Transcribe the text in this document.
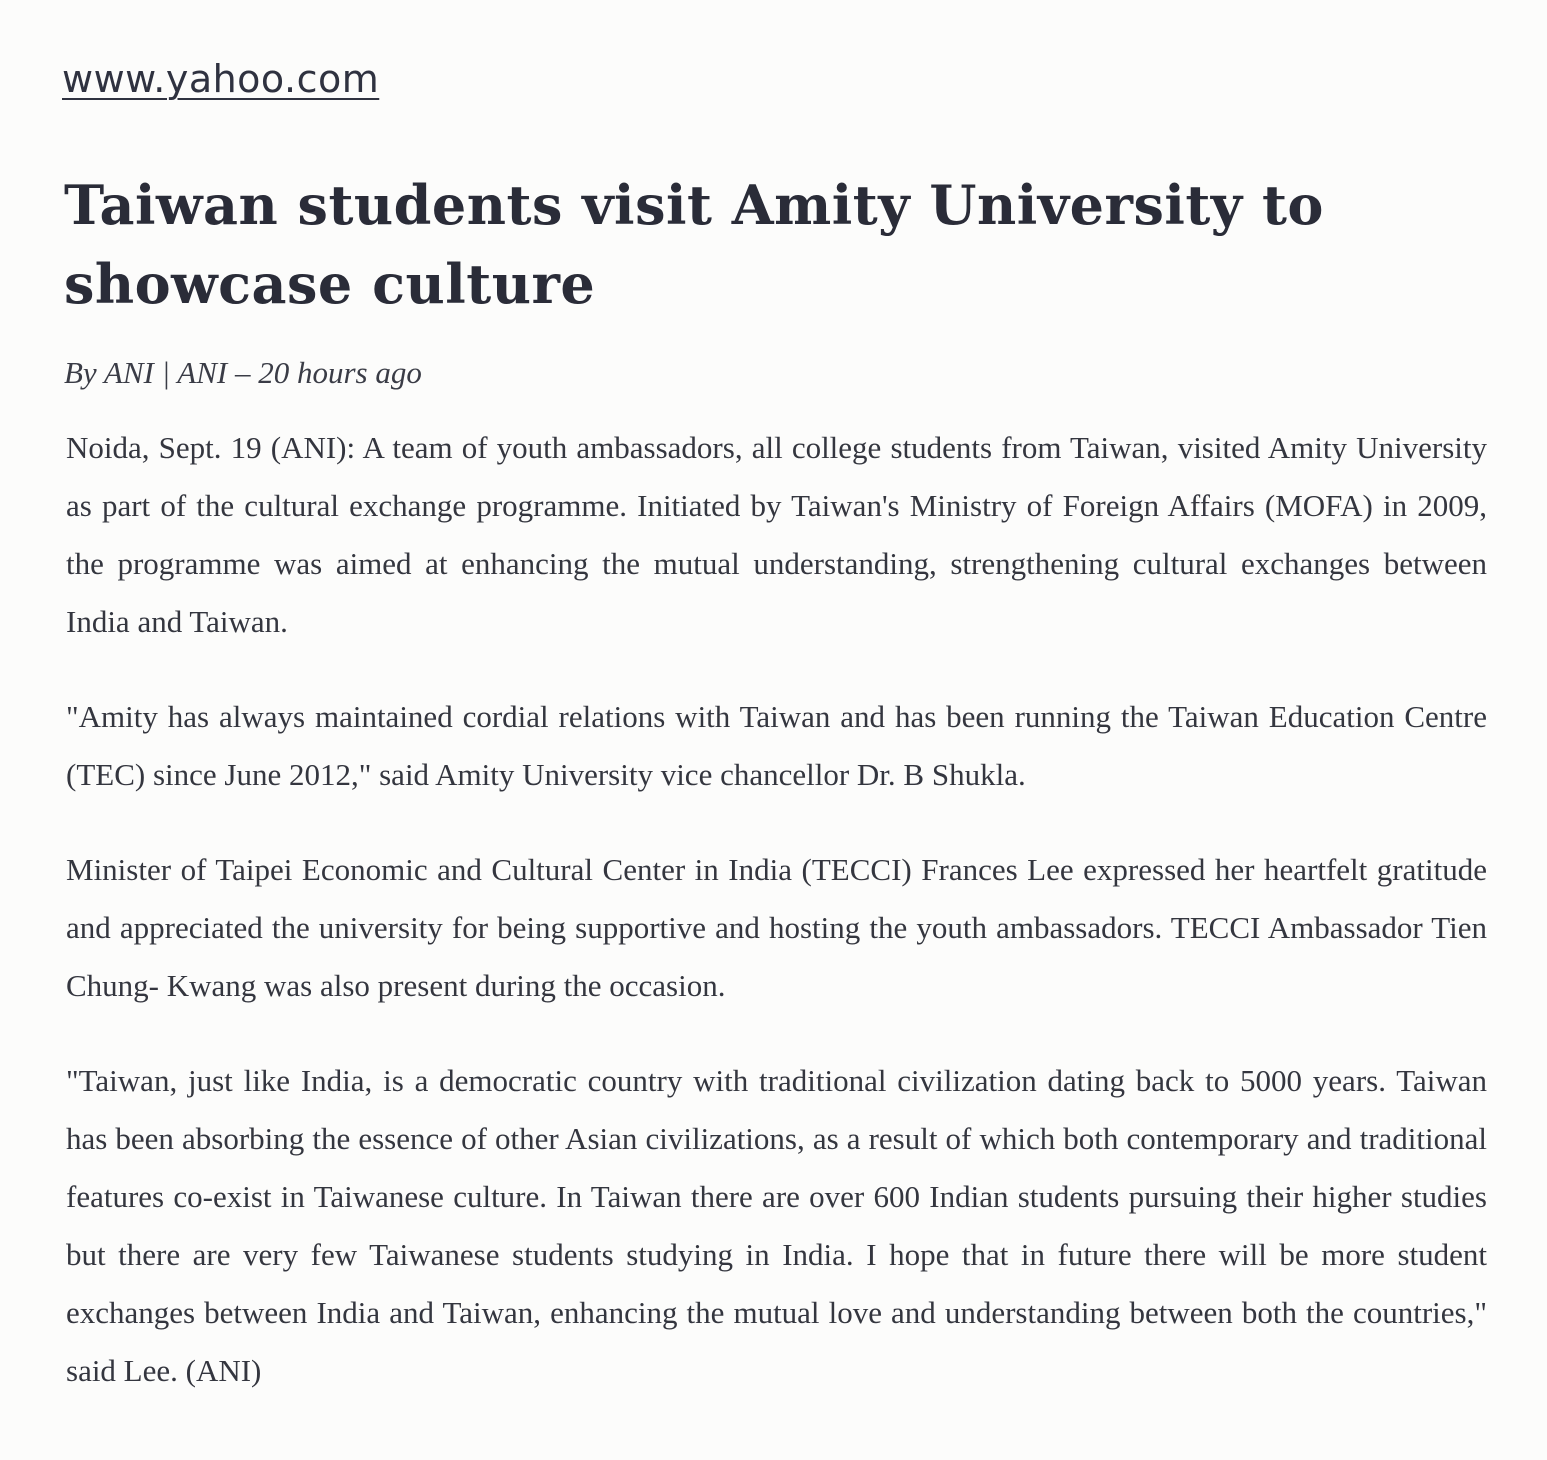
www.yahoo.com
Taiwan students visit Amity University to showcase culture
By ANI | ANI – 20 hours ago

Noida, Sept. 19 (ANI): A team of youth ambassadors, all college students from Taiwan, visited Amity University as part of the cultural exchange programme. Initiated by Taiwan's Ministry of Foreign Affairs (MOFA) in 2009, the programme was aimed at enhancing the mutual understanding, strengthening cultural exchanges between India and Taiwan.

"Amity has always maintained cordial relations with Taiwan and has been running the Taiwan Education Centre (TEC) since June 2012," said Amity University vice chancellor Dr. B Shukla.

Minister of Taipei Economic and Cultural Center in India (TECCI) Frances Lee expressed her heartfelt gratitude and appreciated the university for being supportive and hosting the youth ambassadors. TECCI Ambassador Tien Chung- Kwang was also present during the occasion.

"Taiwan, just like India, is a democratic country with traditional civilization dating back to 5000 years. Taiwan has been absorbing the essence of other Asian civilizations, as a result of which both contemporary and traditional features co-exist in Taiwanese culture. In Taiwan there are over 600 Indian students pursuing their higher studies but there are very few Taiwanese students studying in India. I hope that in future there will be more student exchanges between India and Taiwan, enhancing the mutual love and understanding between both the countries," said Lee. (ANI)
